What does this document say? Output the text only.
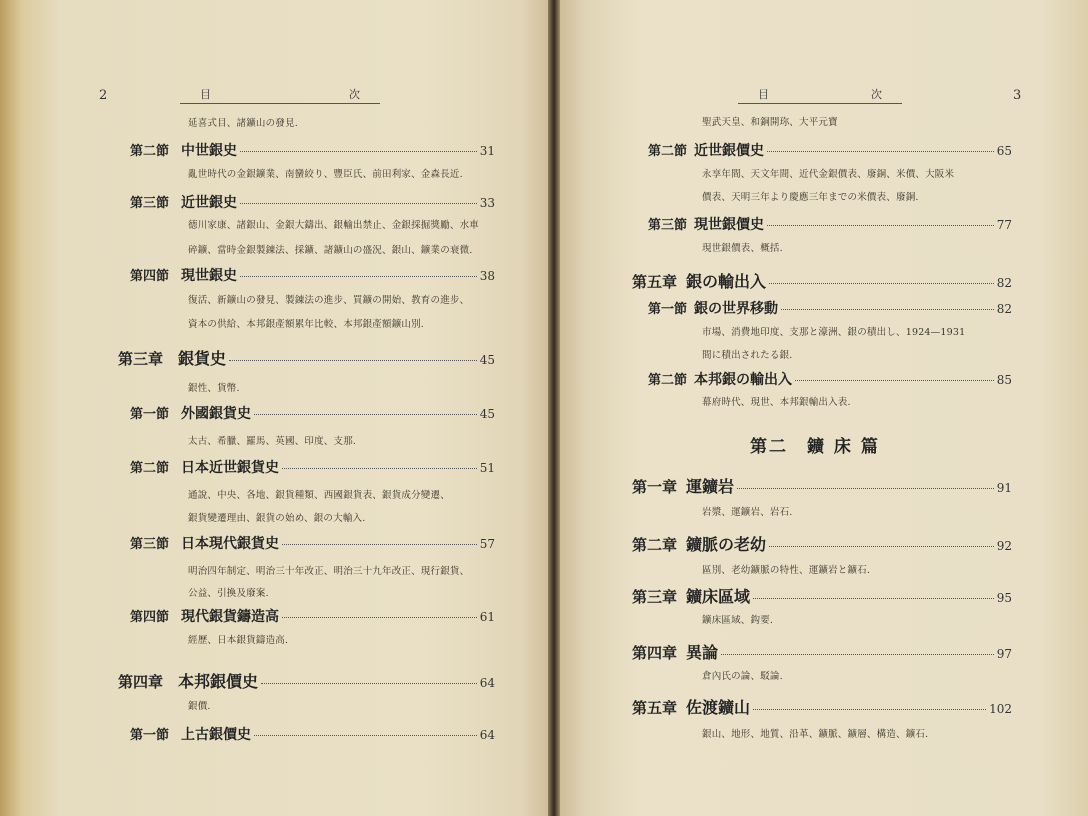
2	目	次
延喜式目、諸鑛山の發見.
第二節 中世銀史	31
亂世時代の金銀鑛業、南蠻絞り、豐臣氏、前田利家、金森長近.
第三節 近世銀史	33
德川家康、諸銀山、金銀大鑄出、銀輸出禁止、金銀採掘獎勵、水車
碎鑛、當時金銀製錬法、採鑛、諸鑛山の盛況、銀山、鑛業の衰微.
第四節 現世銀史	38
復活、新鑛山の發見、製錬法の進步、買鑛の開始、教育の進步、
資本の供給、本邦銀產額累年比較、本邦銀產額鑛山別.
第三章 銀貨史	45
銀性、貨幣.
第一節 外國銀貨史	45
太古、希臘、羅馬、英國、印度、支那.
第二節 日本近世銀貨史	51
通說、中央、各地、銀貨種類、西國銀貨表、銀貨成分變遷、
銀貨變遷理由、銀貨の始め、銀の大輸入.
第三節 日本現代銀貨史	57
明治四年制定、明治三十年改正、明治三十九年改正、現行銀貨、
公益、引換及廢案.
第四節 現代銀貨鑄造高	61
經歷、日本銀貨鑄造高.
第四章 本邦銀價史	64
銀價.
第一節 上古銀價史	64
3
目	次
聖武天皇、和銅開珎、大平元寶
第二節 近世銀價史	65
永享年間、天文年間、近代金銀價表、廢銅、米價、大阪米
價表、天明三年より慶應三年までの米價表、廢銅.
第三節 現世銀價史	77
現世銀價表、概括.
第五章 銀の輸出入	82
第一節 銀の世界移動	82
市場、消費地印度、支那と濠洲、銀の積出し、1924—1931
間に積出されたる銀.
第二節 本邦銀の輸出入	85
幕府時代、現世、本邦銀輸出入表.
第二　鑛 床 篇
第一章 運鑛岩	91
岩漿、運鑛岩、岩石.
第二章 鑛脈の老幼	92
區別、老幼鑛脈の特性、運鑛岩と鑛石.
第三章 鑛床區域	95
鑛床區域、鈎要.
第四章 異論	97
倉內氏の論、駁論.
第五章 佐渡鑛山	102
銀山、地形、地質、沿革、鑛脈、鑛層、構造、鑛石.
